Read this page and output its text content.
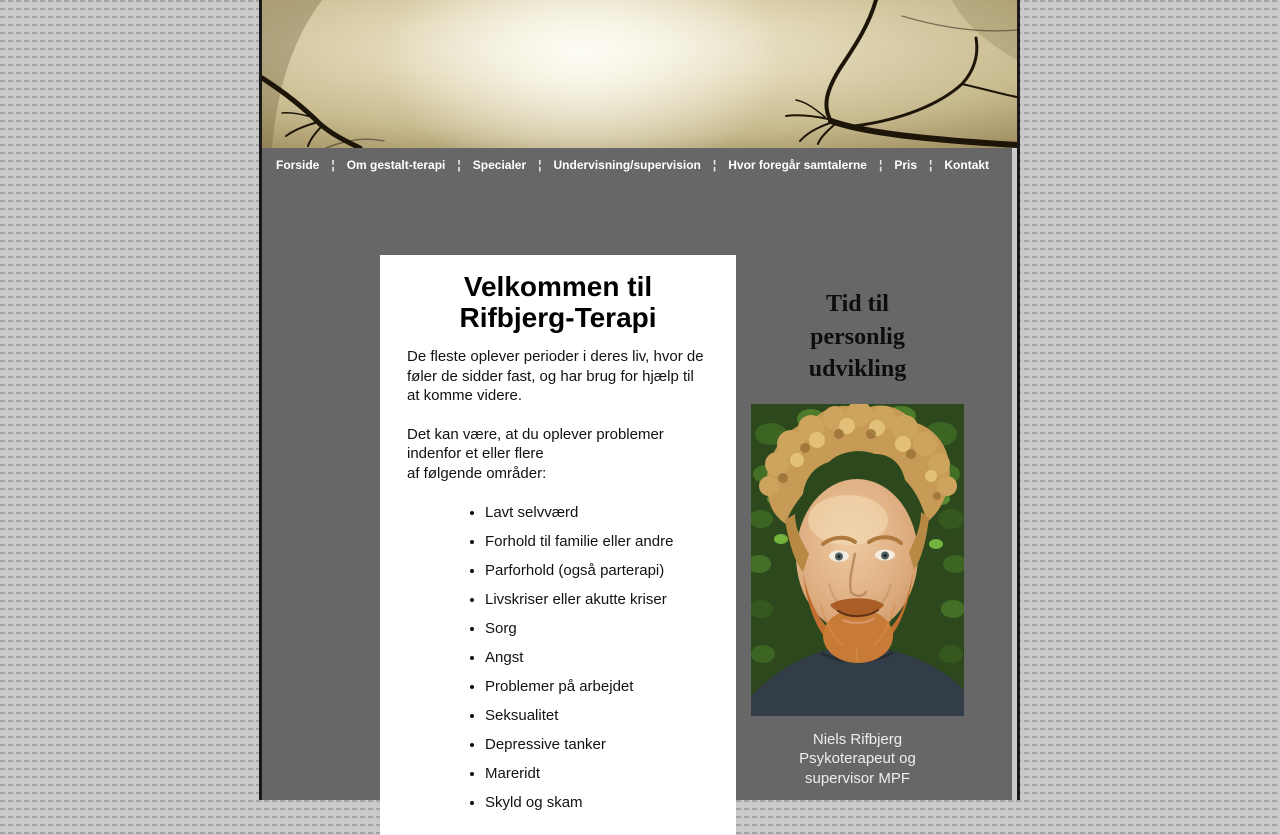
Forside ¦ Om gestalt-terapi ¦ Specialer ¦ Undervisning/supervision ¦ Hvor foregår samtalerne ¦ Pris ¦ Kontakt
Velkommen til
Rifbjerg-Terapi

De fleste oplever perioder i deres liv, hvor de føler de sidder fast, og har brug for hjælp til at komme videre.

Det kan være, at du oplever problemer indenfor et eller flere
af følgende områder:

• Lavt selvværd
• Forhold til familie eller andre
• Parforhold (også parterapi)
• Livskriser eller akutte kriser
• Sorg
• Angst
• Problemer på arbejdet
• Seksualitet
• Depressive tanker
• Mareridt
• Skyld og skam
Tid til
personlig
udvikling
Niels Rifbjerg
Psykoterapeut og
supervisor MPF
